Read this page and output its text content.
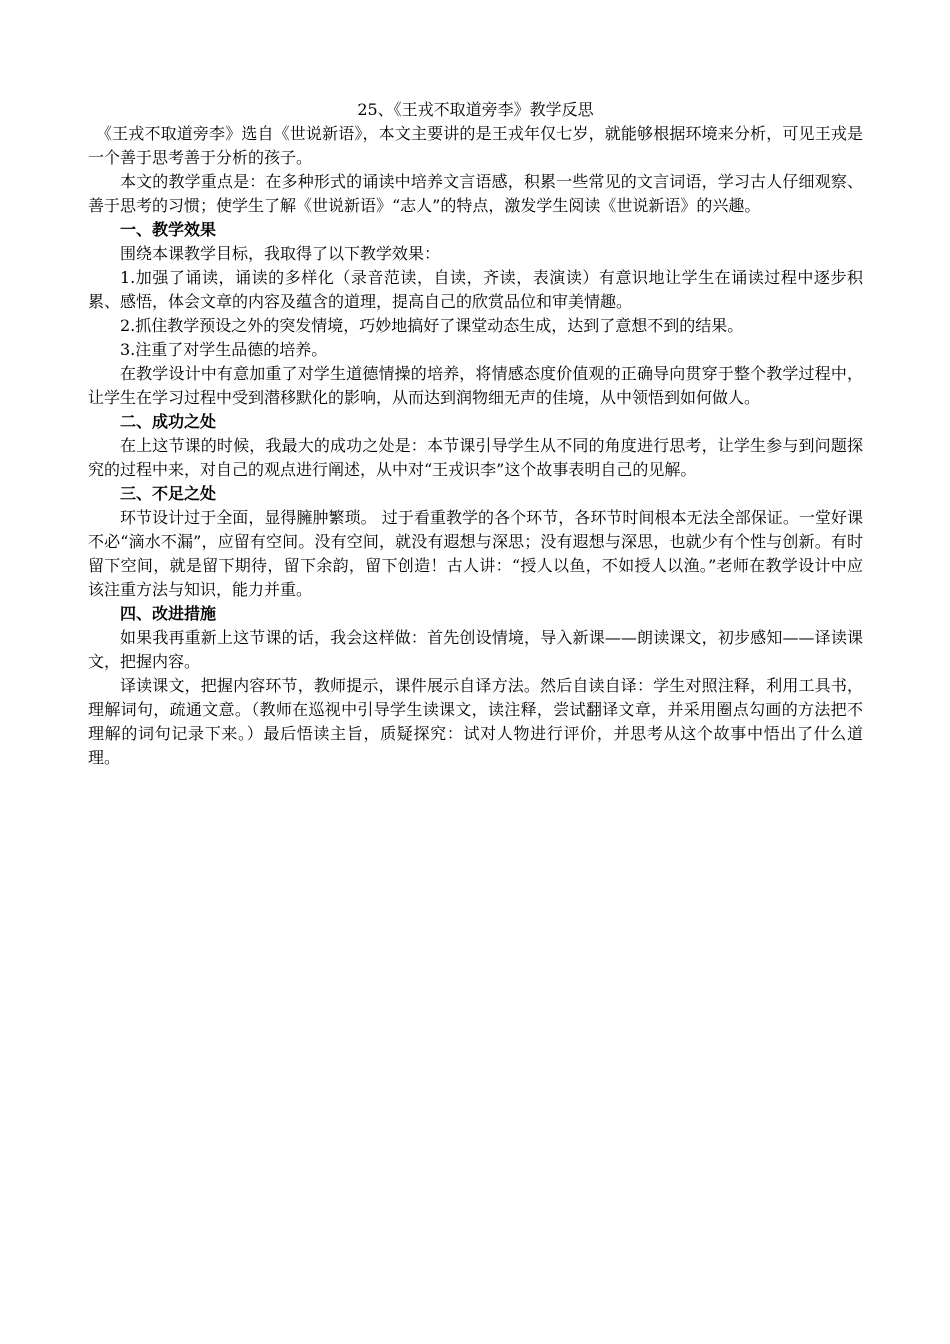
25、《王戎不取道旁李》教学反思

《王戎不取道旁李》选自《世说新语》，本文主要讲的是王戎年仅七岁，就能够根据环境来分析，可见王戎是一个善于思考善于分析的孩子。

本文的教学重点是：在多种形式的诵读中培养文言语感，积累一些常见的文言词语，学习古人仔细观察、善于思考的习惯；使学生了解《世说新语》“志人”的特点，激发学生阅读《世说新语》的兴趣。

一、教学效果

围绕本课教学目标，我取得了以下教学效果：

1.加强了诵读，诵读的多样化（录音范读，自读，齐读，表演读）有意识地让学生在诵读过程中逐步积累、感悟，体会文章的内容及蕴含的道理，提高自己的欣赏品位和审美情趣。

2.抓住教学预设之外的突发情境，巧妙地搞好了课堂动态生成，达到了意想不到的结果。

3.注重了对学生品德的培养。

在教学设计中有意加重了对学生道德情操的培养，将情感态度价值观的正确导向贯穿于整个教学过程中，让学生在学习过程中受到潜移默化的影响，从而达到润物细无声的佳境，从中领悟到如何做人。

二、成功之处

在上这节课的时候，我最大的成功之处是：本节课引导学生从不同的角度进行思考，让学生参与到问题探究的过程中来，对自己的观点进行阐述，从中对“王戎识李”这个故事表明自己的见解。

三、不足之处

环节设计过于全面，显得臃肿繁琐。 过于看重教学的各个环节，各环节时间根本无法全部保证。一堂好课不必“滴水不漏”，应留有空间。没有空间，就没有遐想与深思；没有遐想与深思，也就少有个性与创新。有时留下空间，就是留下期待，留下余韵，留下创造！古人讲：“授人以鱼，不如授人以渔。”老师在教学设计中应该注重方法与知识，能力并重。

四、改进措施

如果我再重新上这节课的话，我会这样做：首先创设情境，导入新课——朗读课文，初步感知——译读课文，把握内容。

译读课文，把握内容环节，教师提示，课件展示自译方法。然后自读自译：学生对照注释，利用工具书，理解词句，疏通文意。（教师在巡视中引导学生读课文，读注释，尝试翻译文章，并采用圈点勾画的方法把不理解的词句记录下来。）最后悟读主旨，质疑探究：试对人物进行评价，并思考从这个故事中悟出了什么道理。
